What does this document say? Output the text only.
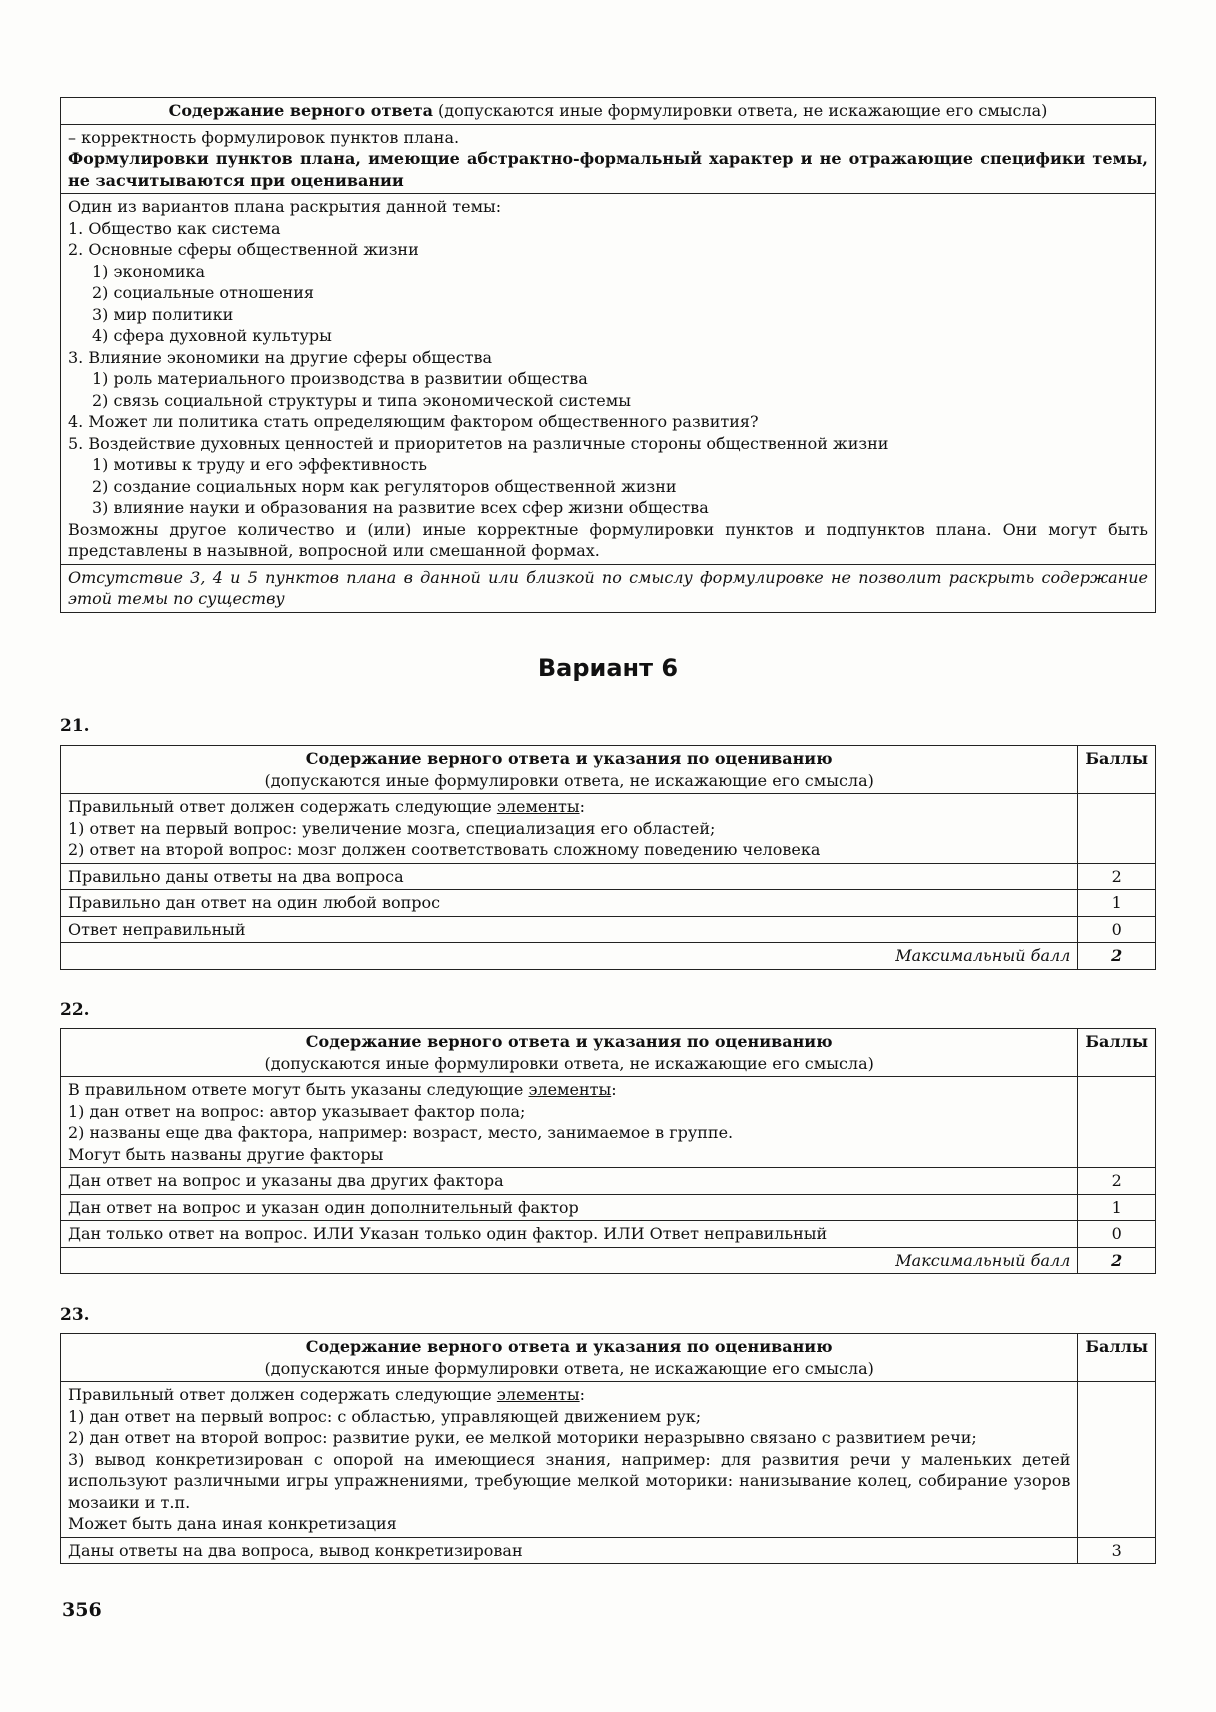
Содержание верного ответа (допускаются иные формулировки ответа, не искажающие его смысла)

– корректность формулировок пунктов плана.
Формулировки пунктов плана, имеющие абстрактно-формальный характер и не отражающие специфики темы, не засчитываются при оценивании

Один из вариантов плана раскрытия данной темы:
1. Общество как система
2. Основные сферы общественной жизни
1) экономика
2) социальные отношения
3) мир политики
4) сфера духовной культуры
3. Влияние экономики на другие сферы общества
1) роль материального производства в развитии общества
2) связь социальной структуры и типа экономической системы
4. Может ли политика стать определяющим фактором общественного развития?
5. Воздействие духовных ценностей и приоритетов на различные стороны общественной жизни
1) мотивы к труду и его эффективность
2) создание социальных норм как регуляторов общественной жизни
3) влияние науки и образования на развитие всех сфер жизни общества
Возможны другое количество и (или) иные корректные формулировки пунктов и подпунктов плана. Они могут быть представлены в назывной, вопросной или смешанной формах.

Отсутствие 3, 4 и 5 пунктов плана в данной или близкой по смыслу формулировке не позволит раскрыть содержание этой темы по существу
Вариант 6
21.
Содержание верного ответа и указания по оцениванию
(допускаются иные формулировки ответа, не искажающие его смысла)	Баллы

Правильный ответ должен содержать следующие элементы:
1) ответ на первый вопрос: увеличение мозга, специализация его областей;
2) ответ на второй вопрос: мозг должен соответствовать сложному поведению человека	

Правильно даны ответы на два вопроса	2
Правильно дан ответ на один любой вопрос	1
Ответ неправильный	0
Максимальный балл	2
22.
Содержание верного ответа и указания по оцениванию
(допускаются иные формулировки ответа, не искажающие его смысла)	Баллы

В правильном ответе могут быть указаны следующие элементы:
1) дан ответ на вопрос: автор указывает фактор пола;
2) названы еще два фактора, например: возраст, место, занимаемое в группе.
Могут быть названы другие факторы	

Дан ответ на вопрос и указаны два других фактора	2
Дан ответ на вопрос и указан один дополнительный фактор	1
Дан только ответ на вопрос. ИЛИ Указан только один фактор. ИЛИ Ответ неправильный	0
Максимальный балл	2
23.
Содержание верного ответа и указания по оцениванию
(допускаются иные формулировки ответа, не искажающие его смысла)	Баллы

Правильный ответ должен содержать следующие элементы:
1) дан ответ на первый вопрос: с областью, управляющей движением рук;
2) дан ответ на второй вопрос: развитие руки, ее мелкой моторики неразрывно связано с развитием речи;
3) вывод конкретизирован с опорой на имеющиеся знания, например: для развития речи у маленьких детей используют различными игры упражнениями, требующие мелкой моторики: нанизывание колец, собирание узоров мозаики и т.п.
Может быть дана иная конкретизация	

Даны ответы на два вопроса, вывод конкретизирован	3
356
